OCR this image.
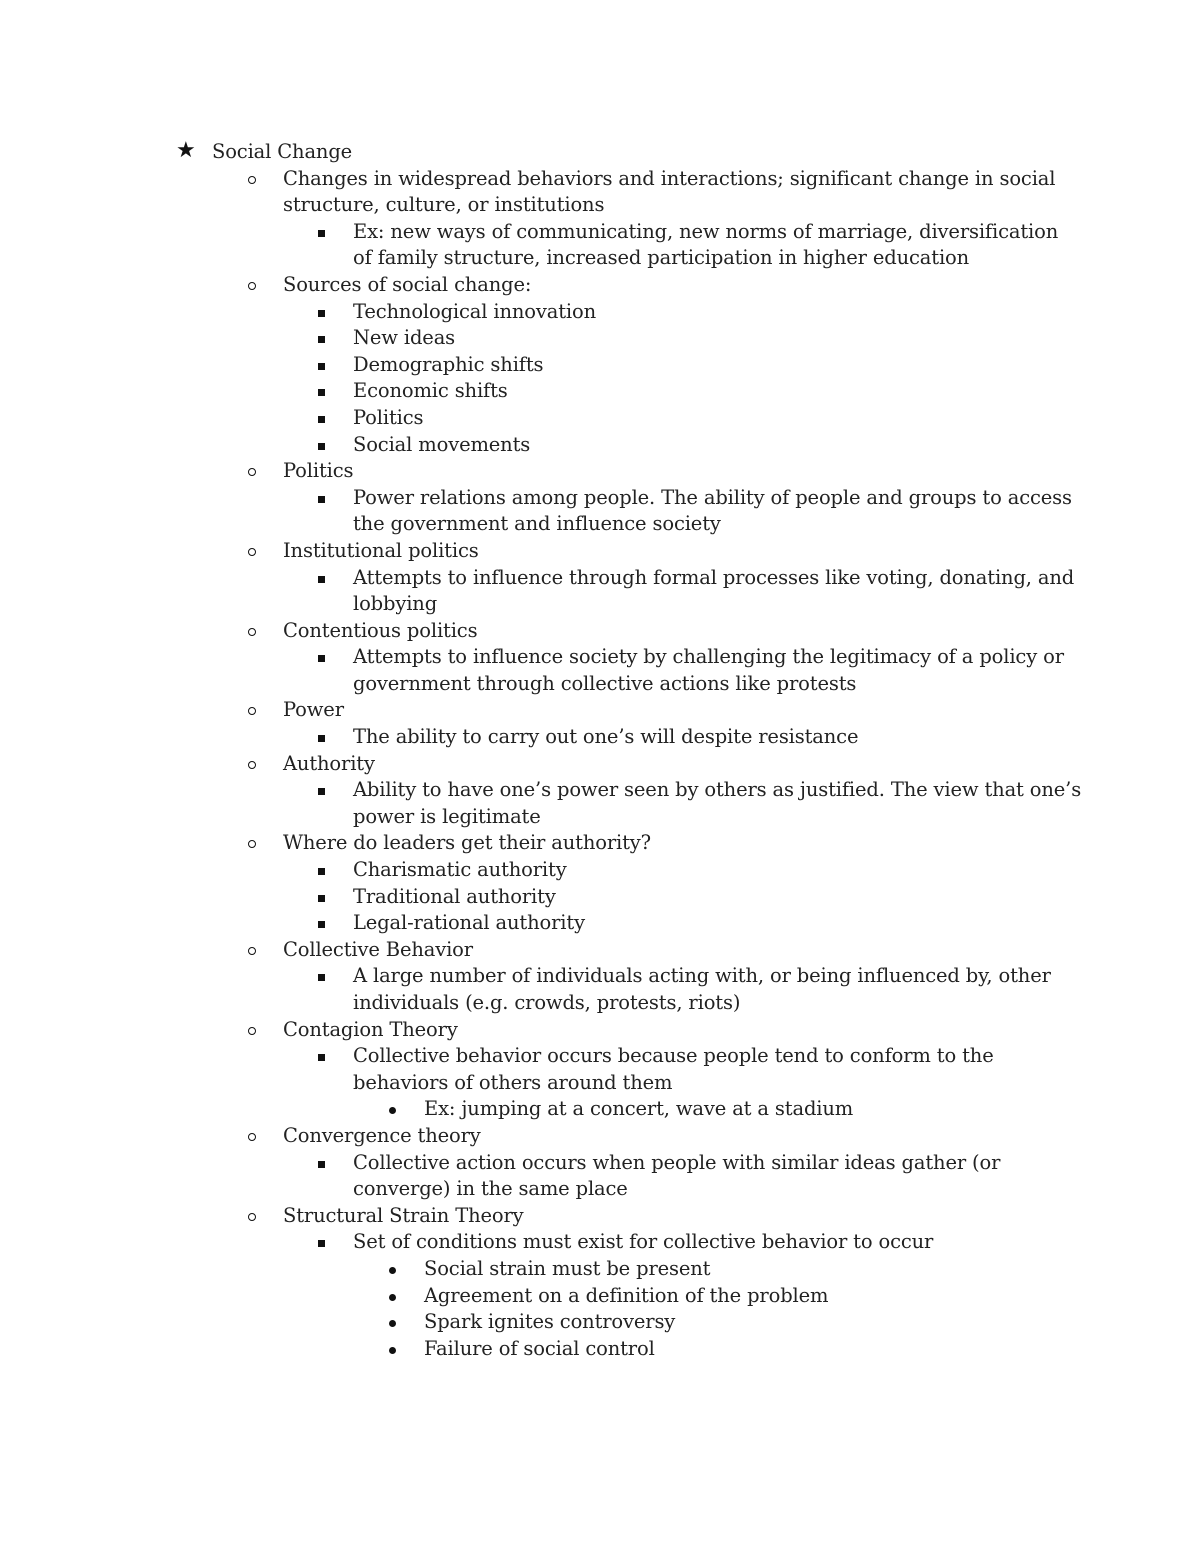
★ Social Change
Changes in widespread behaviors and interactions; significant change in social
structure, culture, or institutions
Ex: new ways of communicating, new norms of marriage, diversification
of family structure, increased participation in higher education
Sources of social change:
Technological innovation
New ideas
Demographic shifts
Economic shifts
Politics
Social movements
Politics
Power relations among people. The ability of people and groups to access
the government and influence society
Institutional politics
Attempts to influence through formal processes like voting, donating, and
lobbying
Contentious politics
Attempts to influence society by challenging the legitimacy of a policy or
government through collective actions like protests
Power
The ability to carry out one’s will despite resistance
Authority
Ability to have one’s power seen by others as justified. The view that one’s
power is legitimate
Where do leaders get their authority?
Charismatic authority
Traditional authority
Legal-rational authority
Collective Behavior
A large number of individuals acting with, or being influenced by, other
individuals (e.g. crowds, protests, riots)
Contagion Theory
Collective behavior occurs because people tend to conform to the
behaviors of others around them
Ex: jumping at a concert, wave at a stadium
Convergence theory
Collective action occurs when people with similar ideas gather (or
converge) in the same place
Structural Strain Theory
Set of conditions must exist for collective behavior to occur
Social strain must be present
Agreement on a definition of the problem
Spark ignites controversy
Failure of social control
